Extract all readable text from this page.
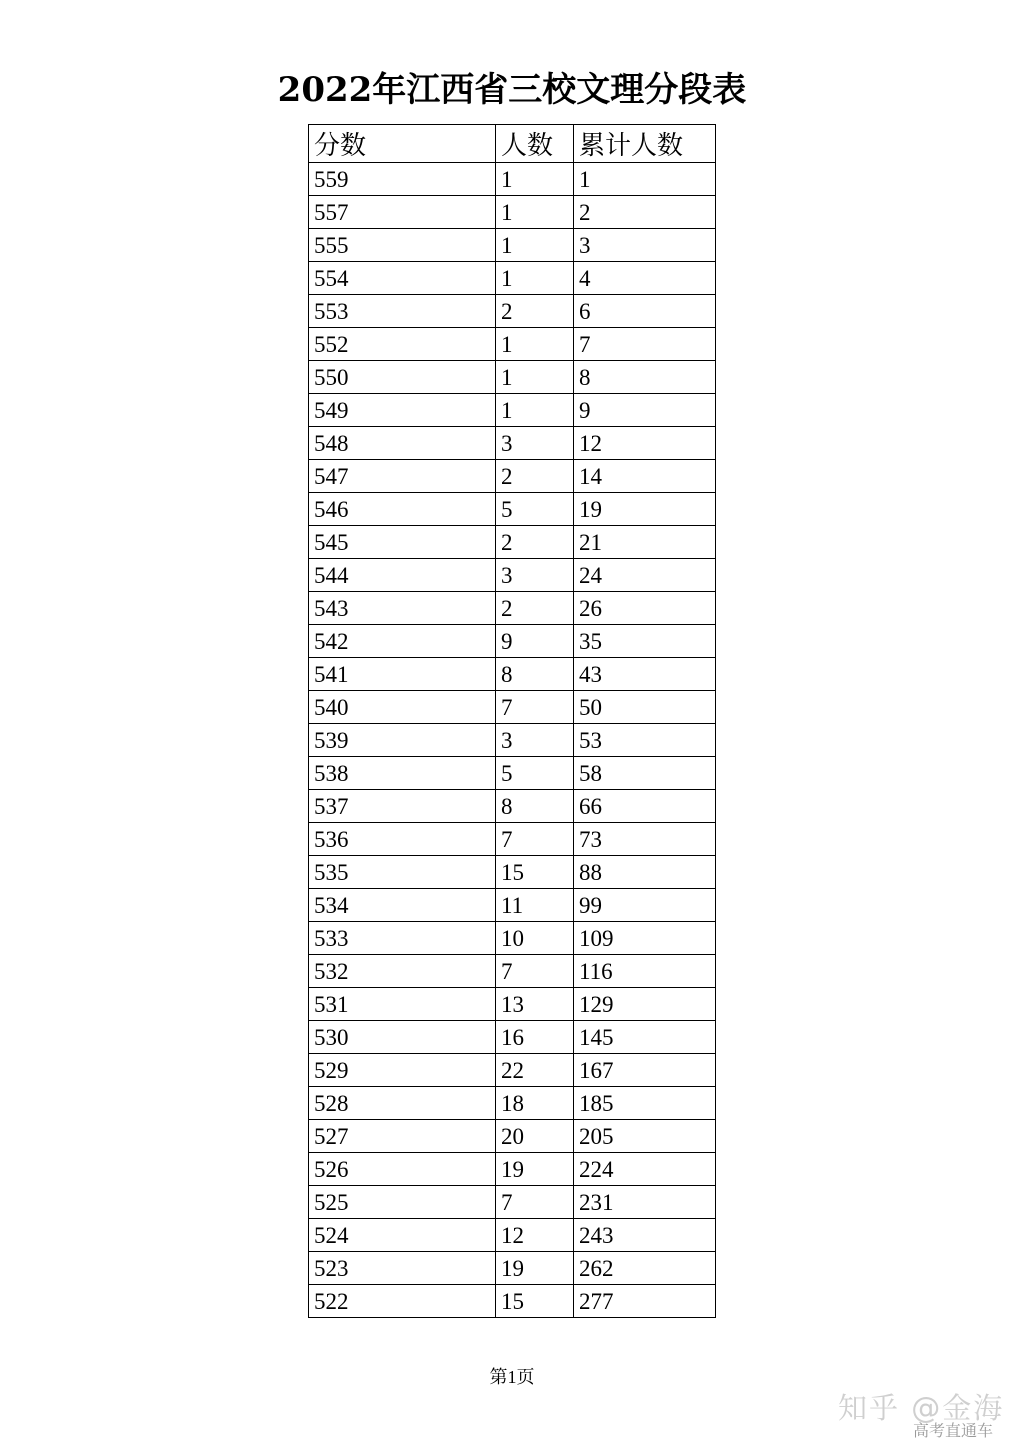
2022年江西省三校文理分段表
分数	人数	累计人数
559	1	1
557	1	2
555	1	3
554	1	4
553	2	6
552	1	7
550	1	8
549	1	9
548	3	12
547	2	14
546	5	19
545	2	21
544	3	24
543	2	26
542	9	35
541	8	43
540	7	50
539	3	53
538	5	58
537	8	66
536	7	73
535	15	88
534	11	99
533	10	109
532	7	116
531	13	129
530	16	145
529	22	167
528	18	185
527	20	205
526	19	224
525	7	231
524	12	243
523	19	262
522	15	277
第1页
知乎 @金海
高考直通车
